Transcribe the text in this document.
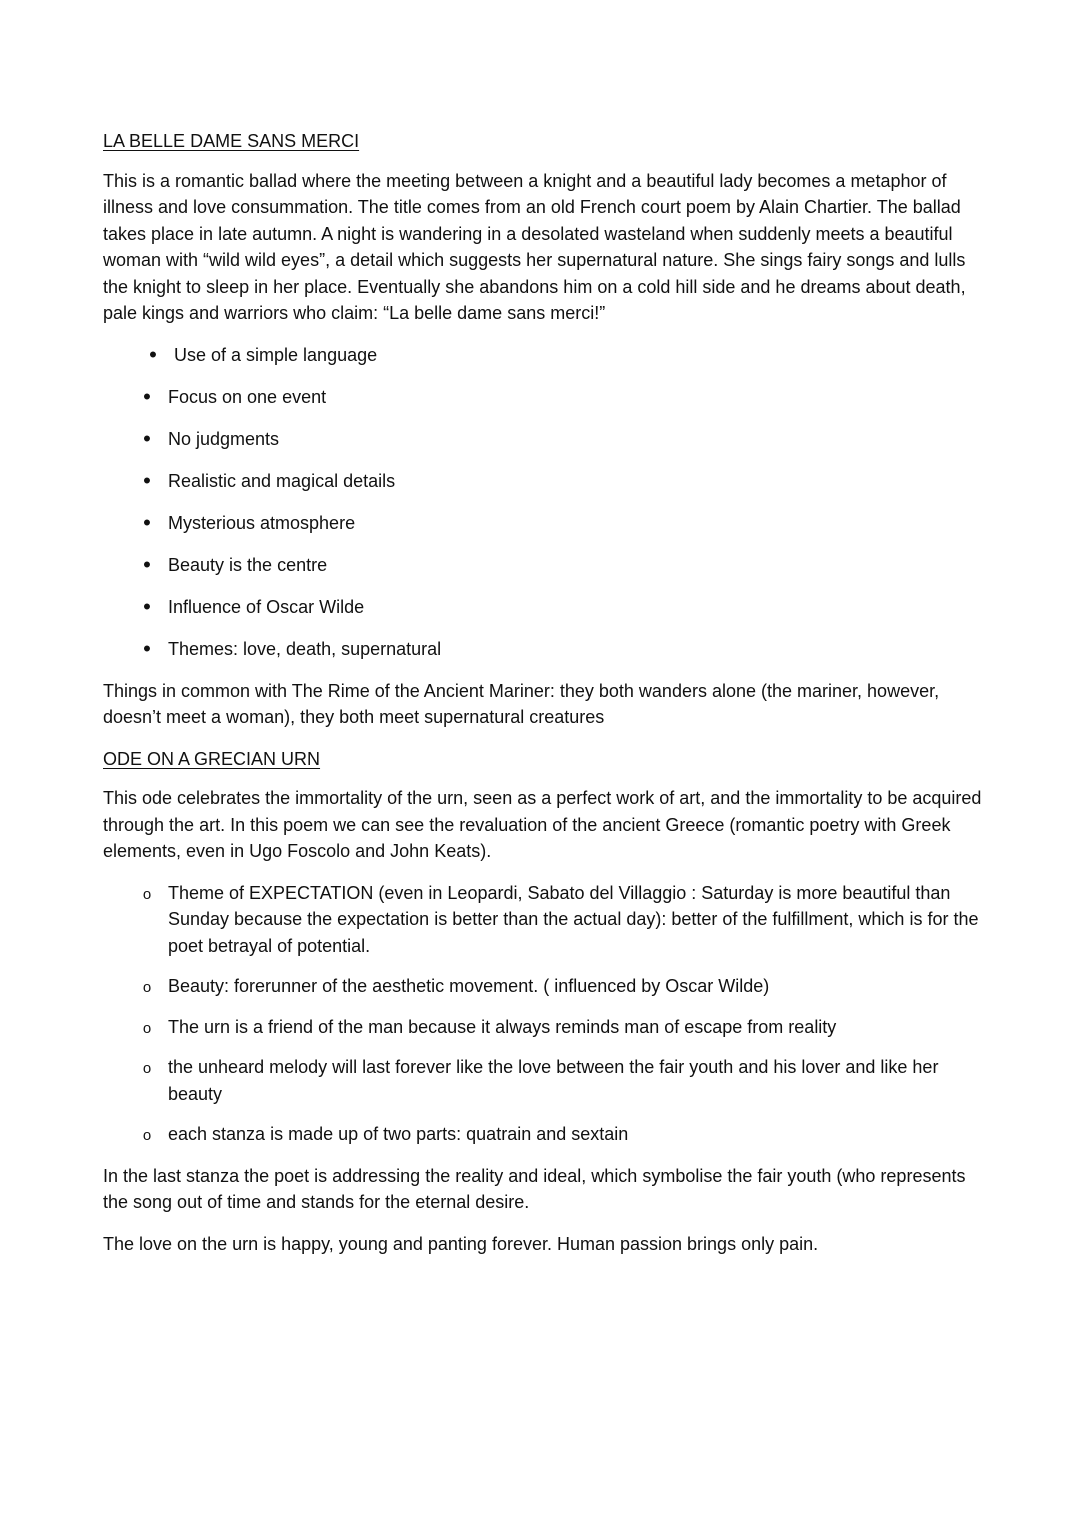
LA BELLE DAME SANS MERCI

This is a romantic ballad where the meeting between a knight and a beautiful lady becomes a metaphor of illness and love consummation. The title comes from an old French court poem by Alain Chartier. The ballad takes place in late autumn. A night is wandering in a desolated wasteland when suddenly meets a beautiful woman with “wild wild eyes”, a detail which suggests her supernatural nature. She sings fairy songs and lulls the knight to sleep in her place. Eventually she abandons him on a cold hill side and he dreams about death, pale kings and warriors who claim: “La belle dame sans merci!”

•
Use of a simple language
•
Focus on one event
•
No judgments
•
Realistic and magical details
•
Mysterious atmosphere
•
Beauty is the centre
•
Influence of Oscar Wilde
•
Themes: love, death, supernatural

Things in common with The Rime of the Ancient Mariner: they both wanders alone (the mariner, however, doesn’t meet a woman), they both meet supernatural creatures

ODE ON A GRECIAN URN

This ode celebrates the immortality of the urn, seen as a perfect work of art, and the immortality to be acquired through the art. In this poem we can see the revaluation of the ancient Greece (romantic poetry with Greek elements, even in Ugo Foscolo and John Keats).

o
Theme of EXPECTATION (even in Leopardi, Sabato del Villaggio : Saturday is more beautiful than Sunday because the expectation is better than the actual day): better of the fulfillment, which is for the poet betrayal of potential.
o
Beauty: forerunner of the aesthetic movement. ( influenced by Oscar Wilde)
o
The urn is a friend of the man because it always reminds man of escape from reality
o
the unheard melody will last forever like the love between the fair youth and his lover and like her beauty
o
each stanza is made up of two parts: quatrain and sextain

In the last stanza the poet is addressing the reality and ideal, which symbolise the fair youth (who represents the song out of time and stands for the eternal desire.

The love on the urn is happy, young and panting forever. Human passion brings only pain.
